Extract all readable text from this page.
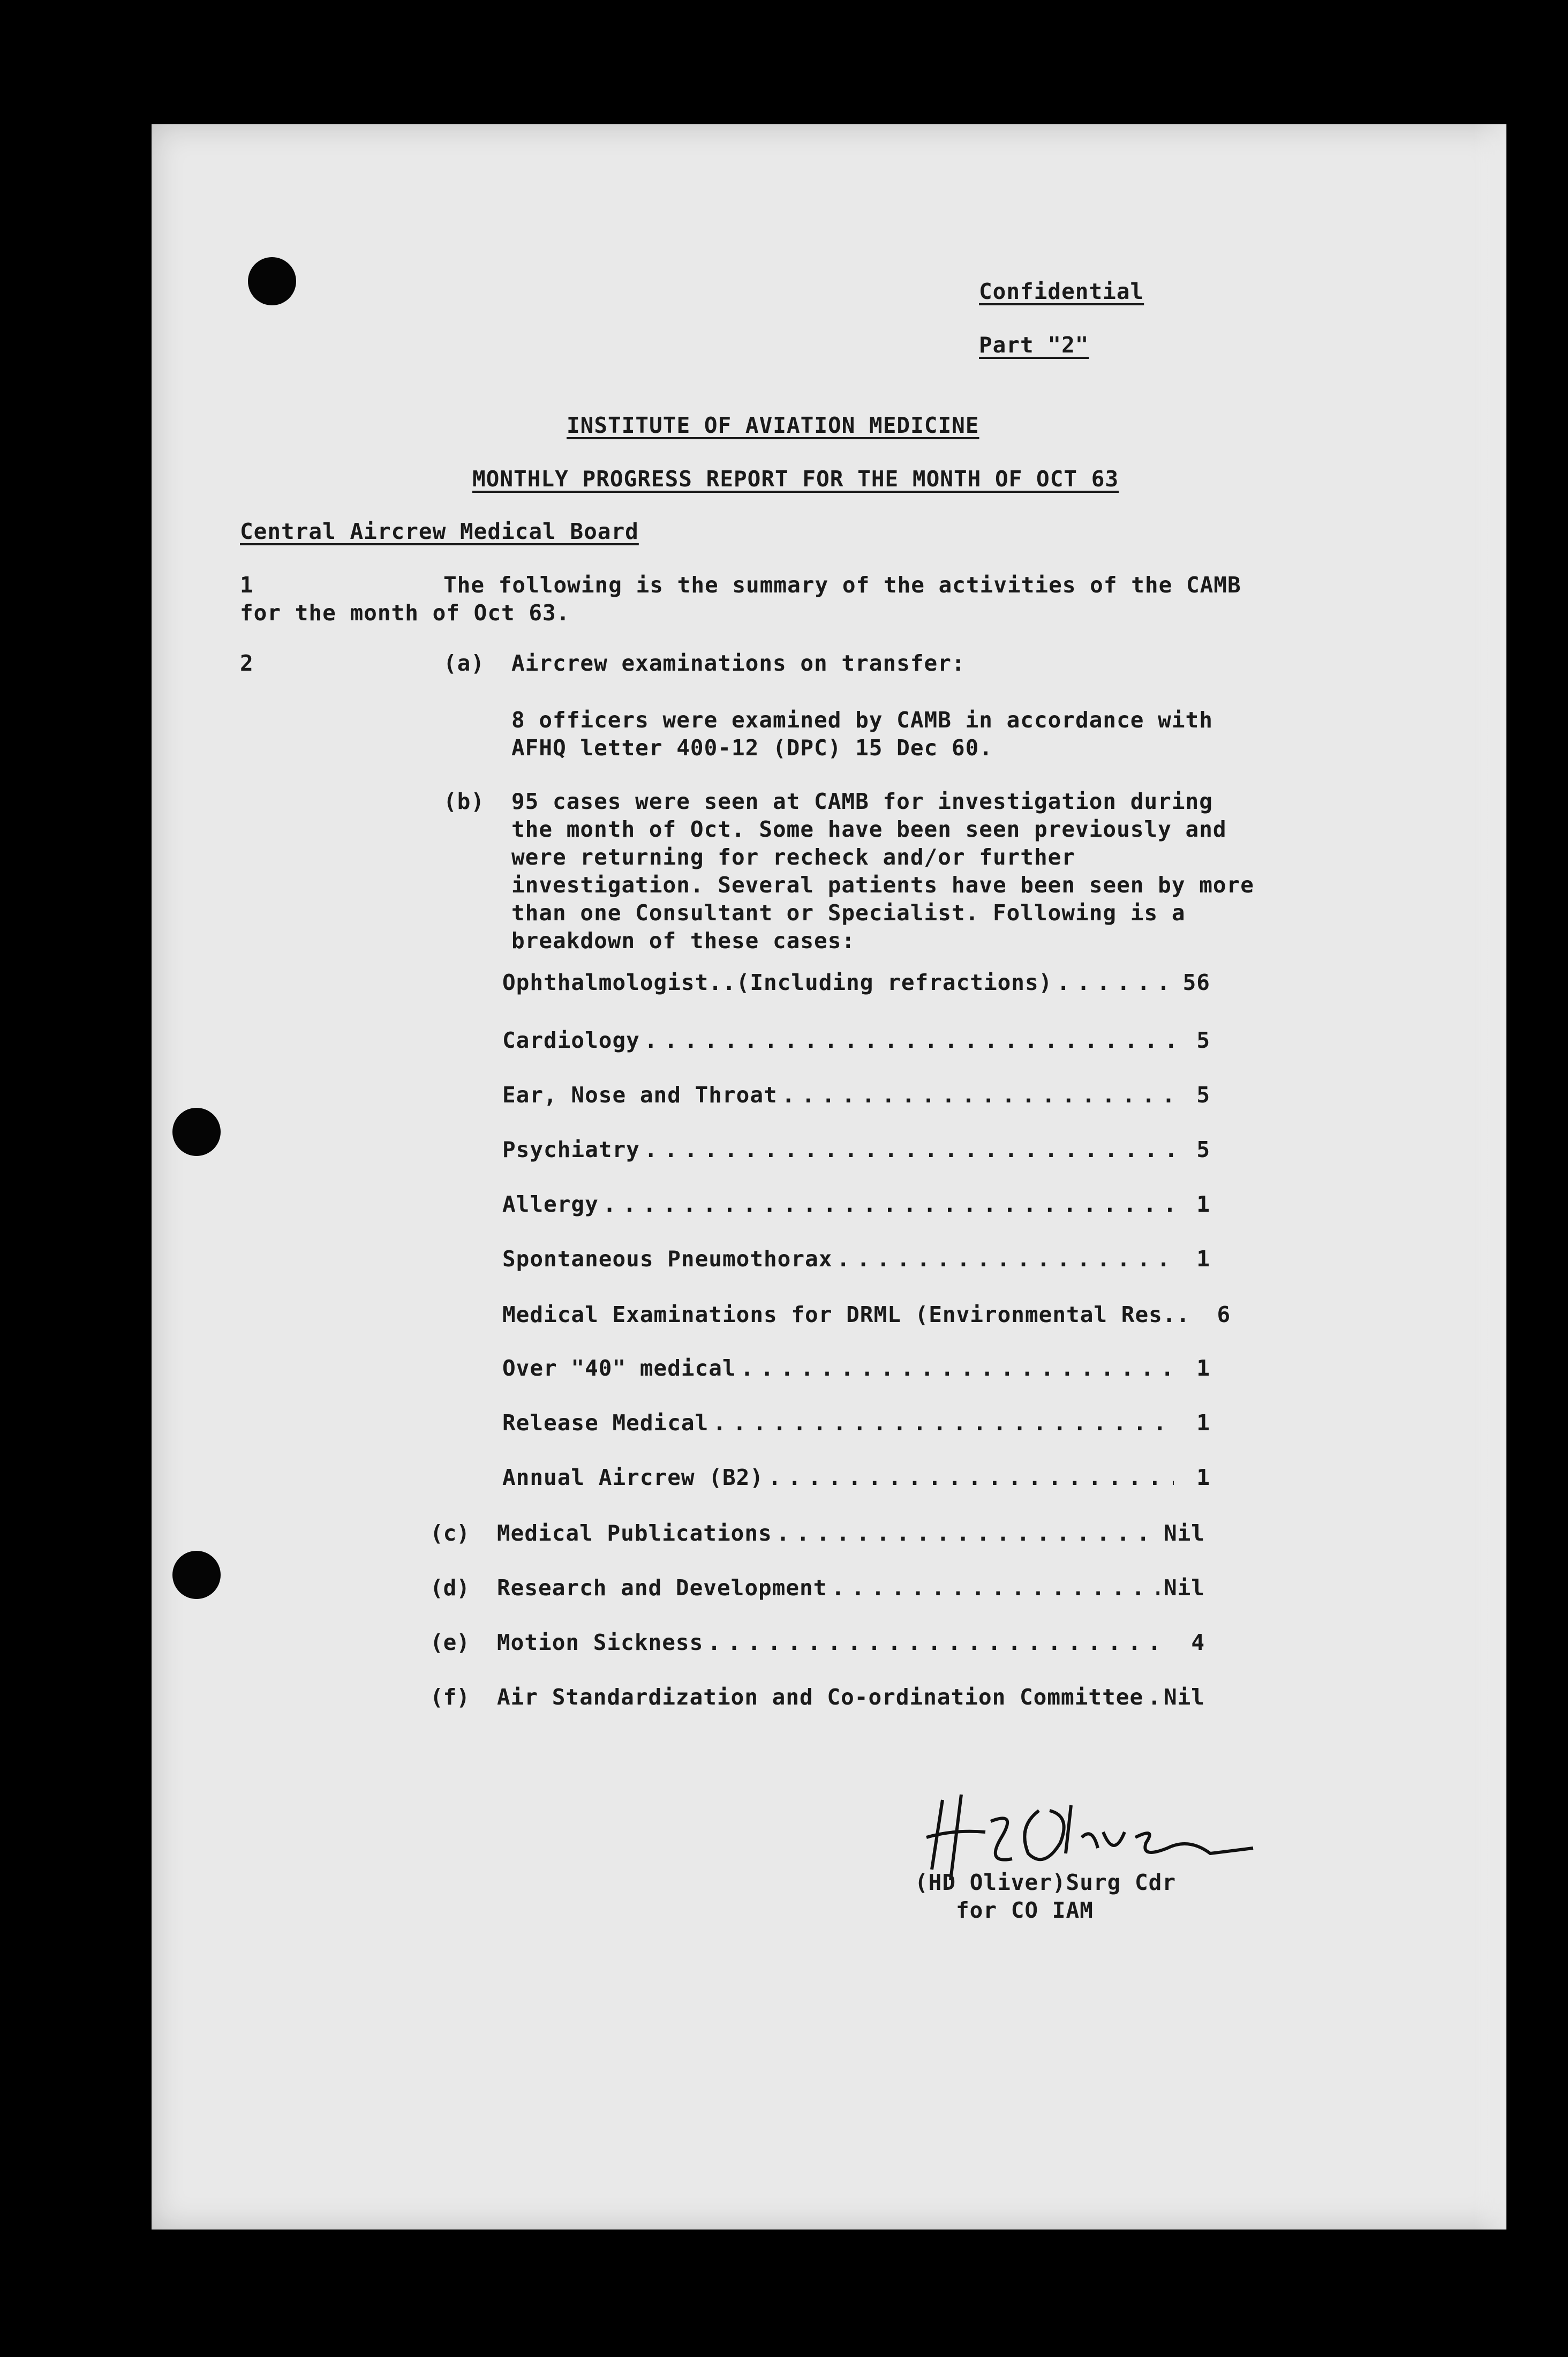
Confidential
Part "2"
INSTITUTE OF AVIATION MEDICINE
MONTHLY PROGRESS REPORT FOR THE MONTH OF OCT 63
Central Aircrew Medical Board
1	The following is the summary of the activities of the CAMB for the month of Oct 63.
2	(a) Aircrew examinations on transfer:
8 officers were examined by CAMB in accordance with AFHQ letter 400-12 (DPC) 15 Dec 60.
(b) 95 cases were seen at CAMB for investigation during the month of Oct. Some have been seen previously and were returning for recheck and/or further investigation. Several patients have been seen by more than one Consultant or Specialist. Following is a breakdown of these cases:
Ophthalmologist..(Including refractions) . . .	56
Cardiology . . .	5
Ear, Nose and Throat . . .	5
Psychiatry . . .	5
Allergy . . .	1
Spontaneous Pneumothorax . . .	1
Medical Examinations for DRML (Environmental Res..	6
Over "40" medical . . .	1
Release Medical . . .	1
Annual Aircrew (B2) . . .	1
(c) Medical Publications . . .	Nil
(d) Research and Development . . .	Nil
(e) Motion Sickness . . .	4
(f) Air Standardization and Co-ordination Committee . . . Nil
(HD Oliver)Surg Cdr
for CO IAM
